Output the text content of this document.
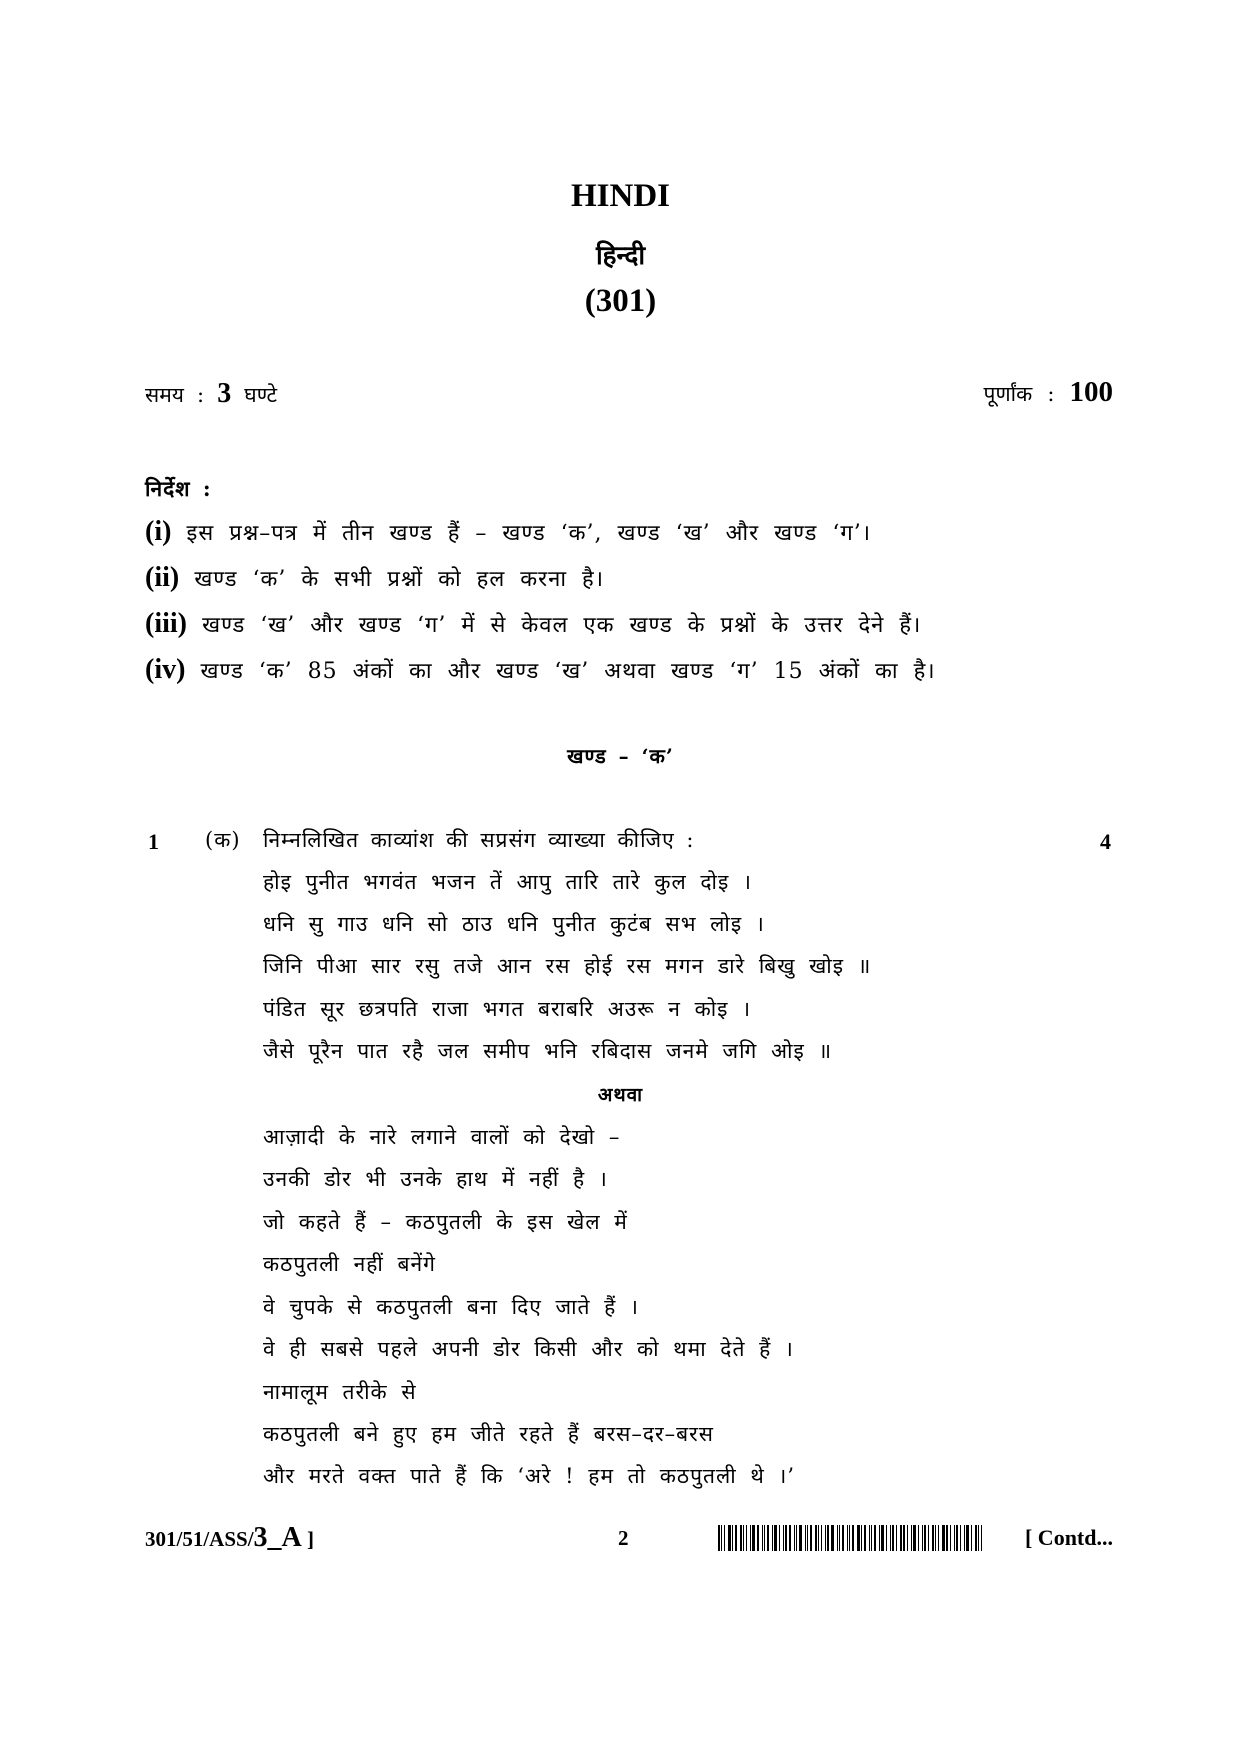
HINDI
हिन्दी
(301)
समय : 3 घण्टे	पूर्णांक : 100
निर्देश :
(i) इस प्रश्न–पत्र में तीन खण्ड हैं – खण्ड ‘क’, खण्ड ‘ख’ और खण्ड ‘ग’।
(ii) खण्ड ‘क’ के सभी प्रश्नों को हल करना है।
(iii) खण्ड ‘ख’ और खण्ड ‘ग’ में से केवल एक खण्ड के प्रश्नों के उत्तर देने हैं।
(iv) खण्ड ‘क’ 85 अंकों का और खण्ड ‘ख’ अथवा खण्ड ‘ग’ 15 अंकों का है।
खण्ड – ‘क’
1 (क) निम्नलिखित काव्यांश की सप्रसंग व्याख्या कीजिए :	4
होइ पुनीत भगवंत भजन तें आपु तारि तारे कुल दोइ ।
धनि सु गाउ धनि सो ठाउ धनि पुनीत कुटंब सभ लोइ ।
जिनि पीआ सार रसु तजे आन रस होई रस मगन डारे बिखु खोइ ॥
पंडित सूर छत्रपति राजा भगत बराबरि अउरू न कोइ ।
जैसे पूरैन पात रहै जल समीप भनि रबिदास जनमे जगि ओइ ॥
अथवा
आज़ादी के नारे लगाने वालों को देखो –
उनकी डोर भी उनके हाथ में नहीं है ।
जो कहते हैं – कठपुतली के इस खेल में
कठपुतली नहीं बनेंगे
वे चुपके से कठपुतली बना दिए जाते हैं ।
वे ही सबसे पहले अपनी डोर किसी और को थमा देते हैं ।
नामालूम तरीके से
कठपुतली बने हुए हम जीते रहते हैं बरस–दर–बरस
और मरते वक्त पाते हैं कि ‘अरे ! हम तो कठपुतली थे ।’
301/51/ASS/3_A ]	2	[ Contd...
